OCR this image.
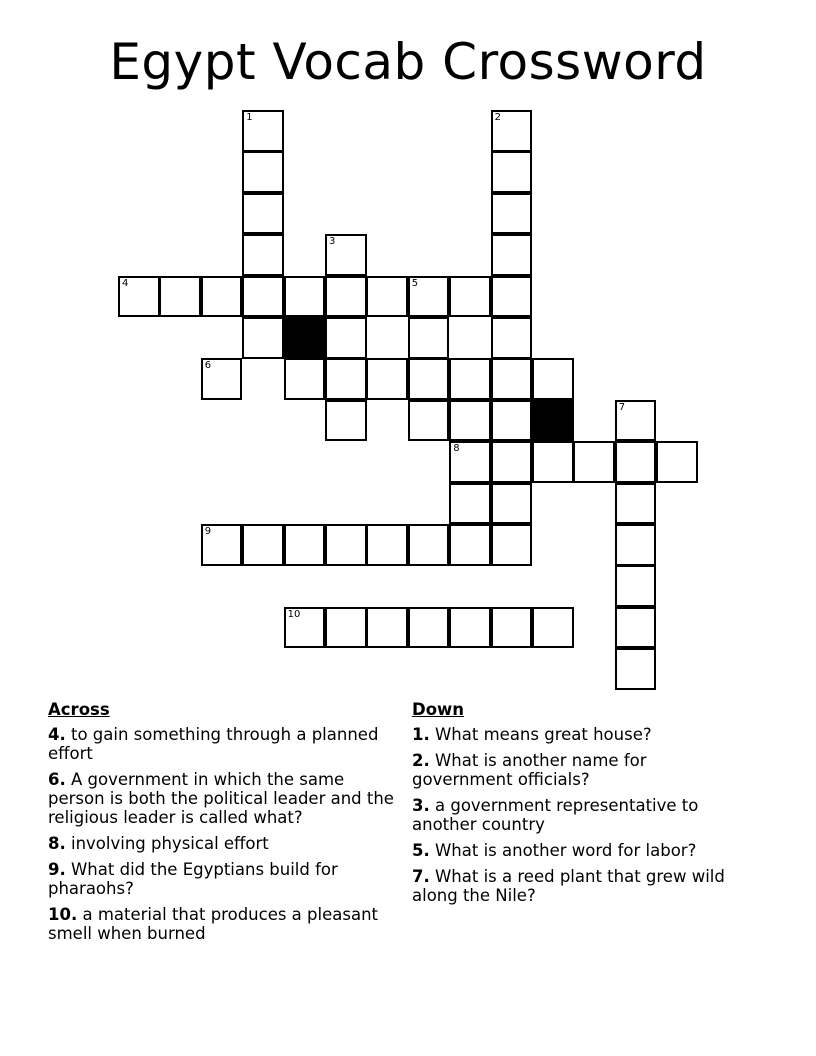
Egypt Vocab Crossword
1	2
3
4	5
6
7
8
9
10
Across
4. to gain something through a planned effort
6. A government in which the same person is both the political leader and the religious leader is called what?
8. involving physical effort
9. What did the Egyptians build for pharaohs?
10. a material that produces a pleasant smell when burned
Down
1. What means great house?
2. What is another name for government officials?
3. a government representative to another country
5. What is another word for labor?
7. What is a reed plant that grew wild along the Nile?
